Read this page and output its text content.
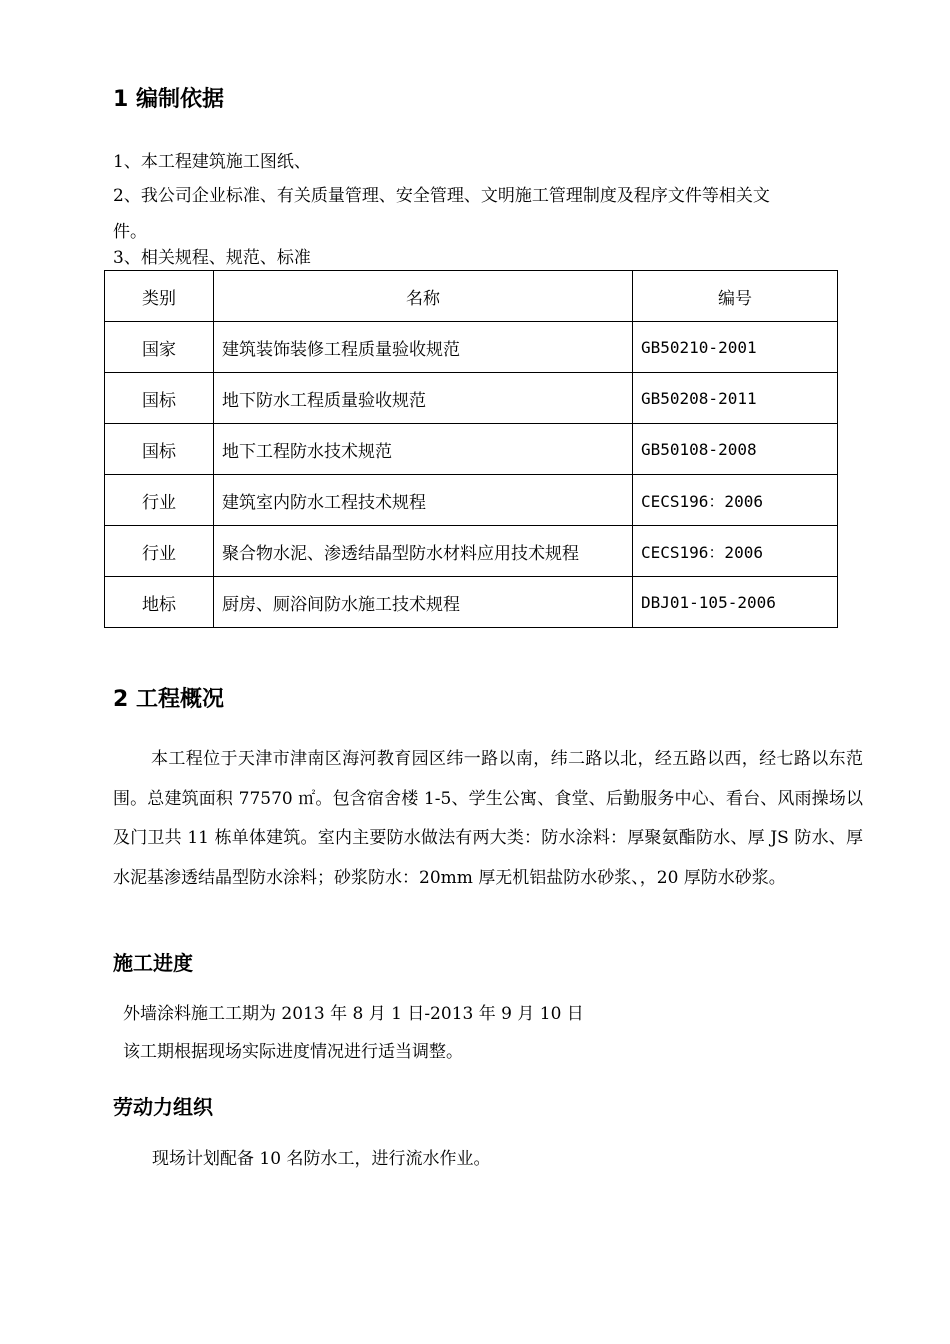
1 编制依据
1、本工程建筑施工图纸、
2、我公司企业标准、有关质量管理、安全管理、文明施工管理制度及程序文件等相关文
件。
3、相关规程、规范、标准
类别	名称	编号
国家	建筑装饰装修工程质量验收规范	GB50210-2001
国标	地下防水工程质量验收规范	GB50208-2011
国标	地下工程防水技术规范	GB50108-2008
行业	建筑室内防水工程技术规程	CECS196：2006
行业	聚合物水泥、渗透结晶型防水材料应用技术规程	CECS196：2006
地标	厨房、厕浴间防水施工技术规程	DBJ01-105-2006
2 工程概况
本工程位于天津市津南区海河教育园区纬一路以南，纬二路以北，经五路以西，经七路以东范围。总建筑面积 77570 ㎡。包含宿舍楼 1-5、学生公寓、食堂、后勤服务中心、看台、风雨操场以及门卫共 11 栋单体建筑。室内主要防水做法有两大类：防水涂料：厚聚氨酯防水、厚 JS 防水、厚水泥基渗透结晶型防水涂料；砂浆防水：20mm 厚无机铝盐防水砂浆、，20 厚防水砂浆。
施工进度
外墙涂料施工工期为 2013 年 8 月 1 日-2013 年 9 月 10 日
该工期根据现场实际进度情况进行适当调整。
劳动力组织
现场计划配备 10 名防水工，进行流水作业。
